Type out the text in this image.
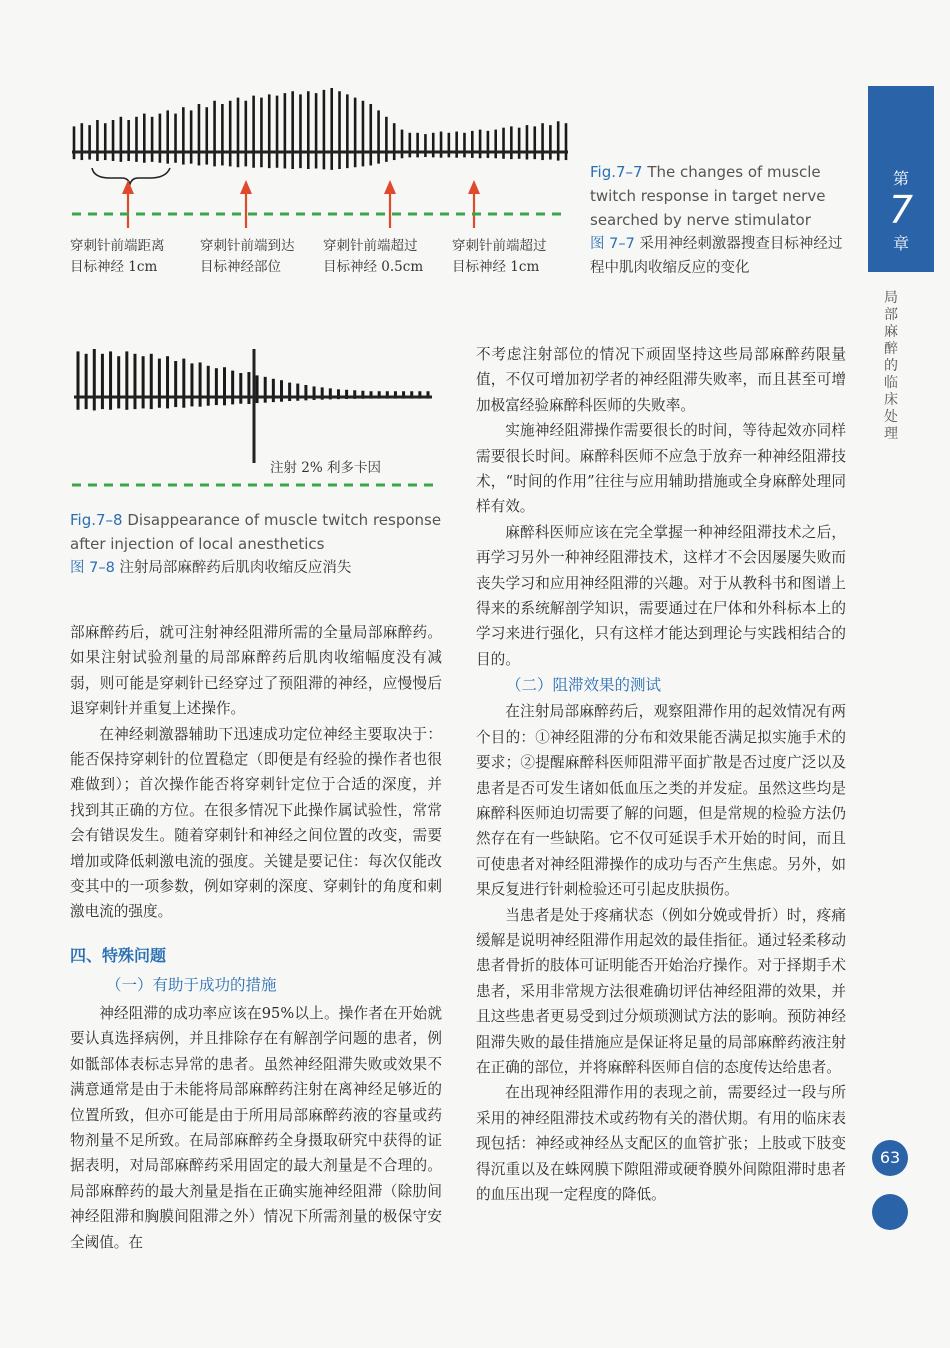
穿刺针前端距离
目标神经 1cm
穿刺针前端到达
目标神经部位
穿刺针前端超过
目标神经 0.5cm
穿刺针前端超过
目标神经 1cm
Fig.7–7 The changes of muscle twitch response in target nerve searched by nerve stimulator
图 7–7 采用神经刺激器搜查目标神经过程中肌肉收缩反应的变化
注射 2% 利多卡因
Fig.7–8 Disappearance of muscle twitch response after injection of local anesthetics
图 7–8 注射局部麻醉药后肌肉收缩反应消失

部麻醉药后，就可注射神经阻滞所需的全量局部麻醉药。如果注射试验剂量的局部麻醉药后肌肉收缩幅度没有减弱，则可能是穿刺针已经穿过了预阻滞的神经，应慢慢后退穿刺针并重复上述操作。

在神经刺激器辅助下迅速成功定位神经主要取决于：能否保持穿刺针的位置稳定（即便是有经验的操作者也很难做到）；首次操作能否将穿刺针定位于合适的深度，并找到其正确的方位。在很多情况下此操作属试验性，常常会有错误发生。随着穿刺针和神经之间位置的改变，需要增加或降低刺激电流的强度。关键是要记住：每次仅能改变其中的一项参数，例如穿刺的深度、穿刺针的角度和刺激电流的强度。

四、特殊问题
（一）有助于成功的措施

神经阻滞的成功率应该在95%以上。操作者在开始就要认真选择病例，并且排除存在有解剖学问题的患者，例如骶部体表标志异常的患者。虽然神经阻滞失败或效果不满意通常是由于未能将局部麻醉药注射在离神经足够近的位置所致，但亦可能是由于所用局部麻醉药液的容量或药物剂量不足所致。在局部麻醉药全身摄取研究中获得的证据表明，对局部麻醉药采用固定的最大剂量是不合理的。局部麻醉药的最大剂量是指在正确实施神经阻滞（除肋间神经阻滞和胸膜间阻滞之外）情况下所需剂量的极保守安全阈值。在

不考虑注射部位的情况下顽固坚持这些局部麻醉药限量值，不仅可增加初学者的神经阻滞失败率，而且甚至可增加极富经验麻醉科医师的失败率。

实施神经阻滞操作需要很长的时间，等待起效亦同样需要很长时间。麻醉科医师不应急于放弃一种神经阻滞技术，“时间的作用”往往与应用辅助措施或全身麻醉处理同样有效。

麻醉科医师应该在完全掌握一种神经阻滞技术之后，再学习另外一种神经阻滞技术，这样才不会因屡屡失败而丧失学习和应用神经阻滞的兴趣。对于从教科书和图谱上得来的系统解剖学知识，需要通过在尸体和外科标本上的学习来进行强化，只有这样才能达到理论与实践相结合的目的。

（二）阻滞效果的测试

在注射局部麻醉药后，观察阻滞作用的起效情况有两个目的：①神经阻滞的分布和效果能否满足拟实施手术的要求；②提醒麻醉科医师阻滞平面扩散是否过度广泛以及患者是否可发生诸如低血压之类的并发症。虽然这些均是麻醉科医师迫切需要了解的问题，但是常规的检验方法仍然存在有一些缺陷。它不仅可延误手术开始的时间，而且可使患者对神经阻滞操作的成功与否产生焦虑。另外，如果反复进行针刺检验还可引起皮肤损伤。

当患者是处于疼痛状态（例如分娩或骨折）时，疼痛缓解是说明神经阻滞作用起效的最佳指征。通过轻柔移动患者骨折的肢体可证明能否开始治疗操作。对于择期手术患者，采用非常规方法很难确切评估神经阻滞的效果，并且这些患者更易受到过分烦琐测试方法的影响。预防神经阻滞失败的最佳措施应是保证将足量的局部麻醉药液注射在正确的部位，并将麻醉科医师自信的态度传达给患者。

在出现神经阻滞作用的表现之前，需要经过一段与所采用的神经阻滞技术或药物有关的潜伏期。有用的临床表现包括：神经或神经丛支配区的血管扩张；上肢或下肢变得沉重以及在蛛网膜下隙阻滞或硬脊膜外间隙阻滞时患者的血压出现一定程度的降低。

第
7
章
局部麻醉的临床处理
63
